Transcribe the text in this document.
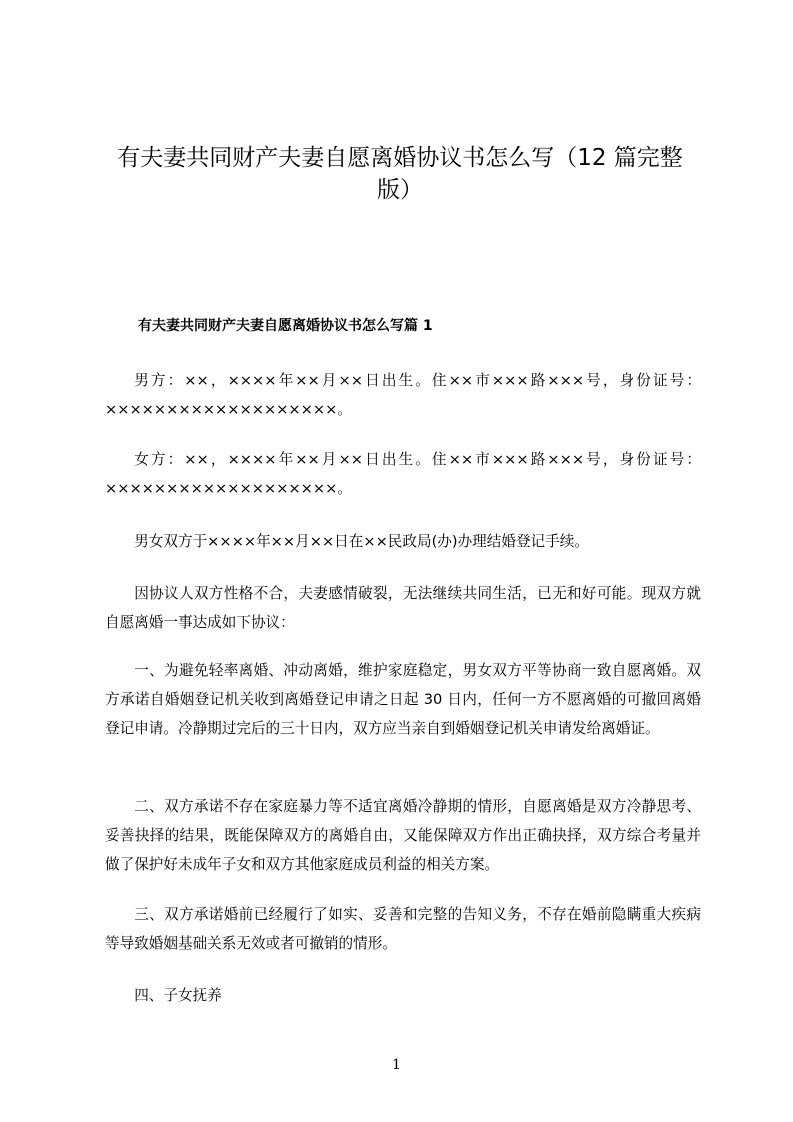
有夫妻共同财产夫妻自愿离婚协议书怎么写（12 篇完整版）
有夫妻共同财产夫妻自愿离婚协议书怎么写篇 1

男方：××，××××年××月××日出生。住××市×××路×××号，身份证号：×××××××××××××××××××。

女方：××，××××年××月××日出生。住××市×××路×××号，身份证号：×××××××××××××××××××。

男女双方于××××年××月××日在××民政局(办)办理结婚登记手续。

因协议人双方性格不合，夫妻感情破裂，无法继续共同生活，已无和好可能。现双方就自愿离婚一事达成如下协议：

一、为避免轻率离婚、冲动离婚，维护家庭稳定，男女双方平等协商一致自愿离婚。双方承诺自婚姻登记机关收到离婚登记申请之日起 30 日内，任何一方不愿离婚的可撤回离婚登记申请。冷静期过完后的三十日内，双方应当亲自到婚姻登记机关申请发给离婚证。

二、双方承诺不存在家庭暴力等不适宜离婚冷静期的情形，自愿离婚是双方冷静思考、妥善抉择的结果，既能保障双方的离婚自由，又能保障双方作出正确抉择，双方综合考量并做了保护好未成年子女和双方其他家庭成员利益的相关方案。

三、双方承诺婚前已经履行了如实、妥善和完整的告知义务，不存在婚前隐瞒重大疾病等导致婚姻基础关系无效或者可撤销的情形。

四、子女抚养

1
